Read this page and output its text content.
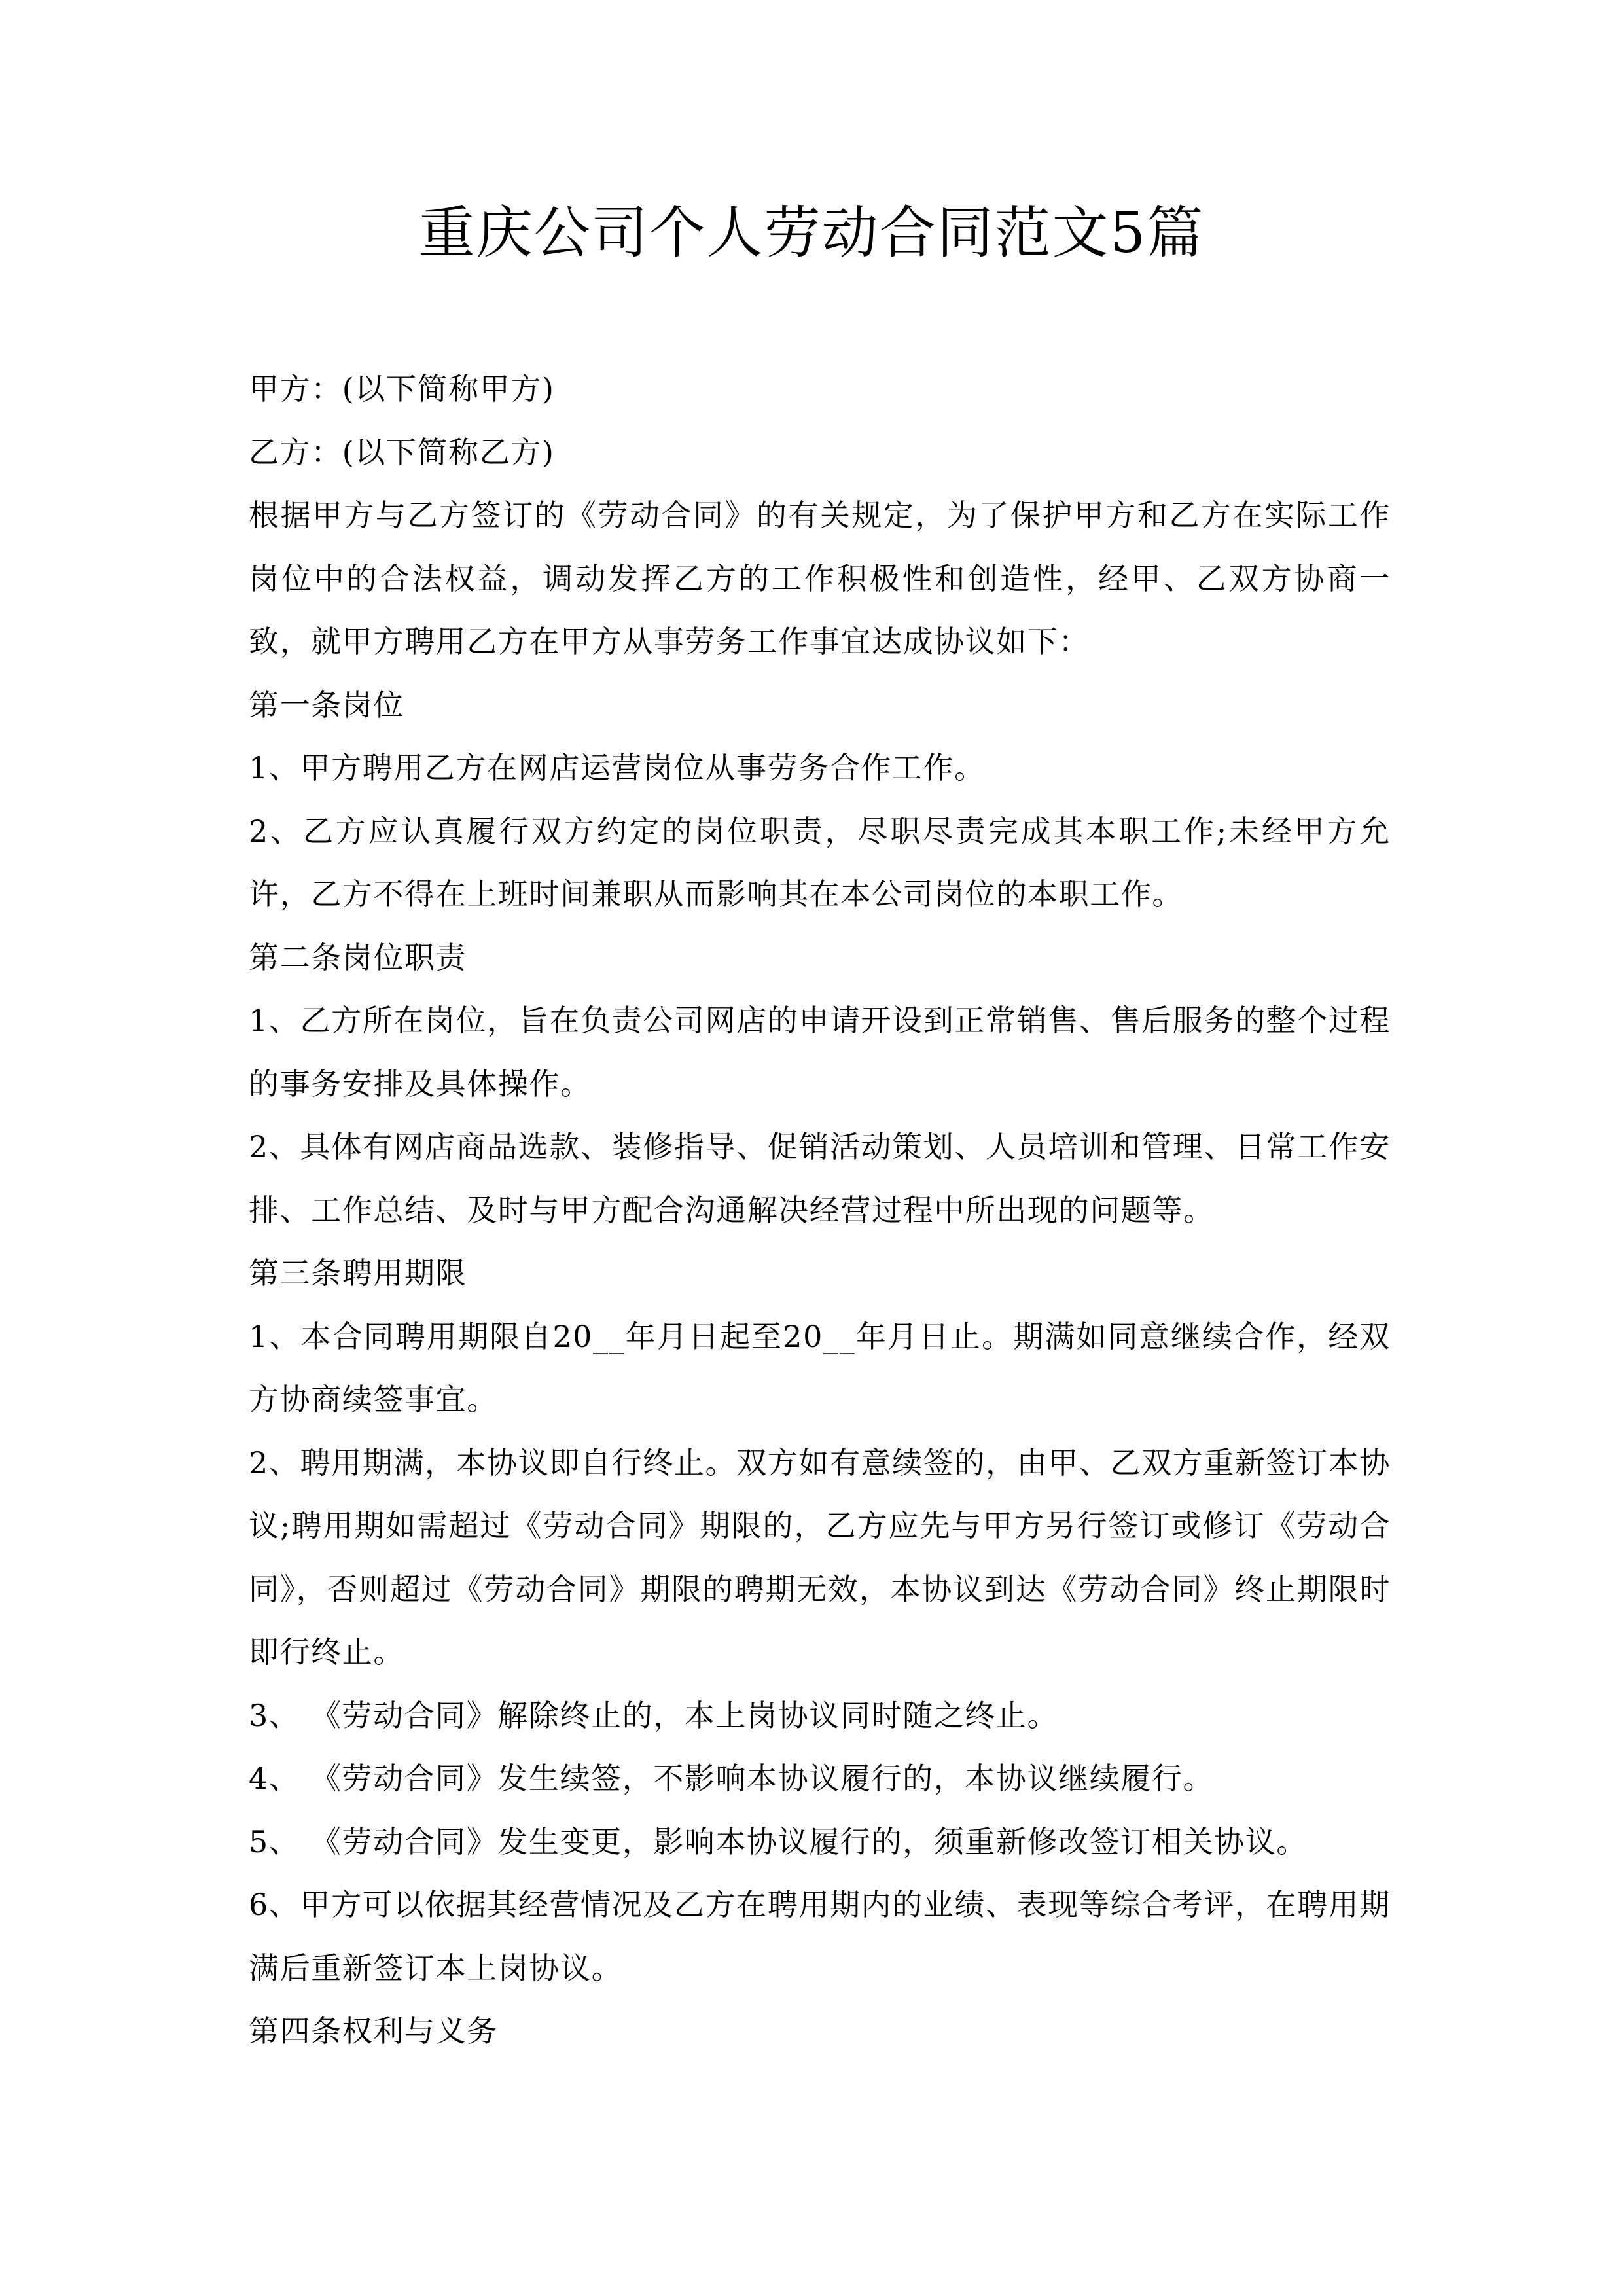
重庆公司个人劳动合同范文5篇

甲方：(以下简称甲方)

乙方：(以下简称乙方)

根据甲方与乙方签订的《劳动合同》的有关规定，为了保护甲方和乙方在实际工作岗位中的合法权益，调动发挥乙方的工作积极性和创造性，经甲、乙双方协商一致，就甲方聘用乙方在甲方从事劳务工作事宜达成协议如下：

第一条岗位

1、甲方聘用乙方在网店运营岗位从事劳务合作工作。

2、乙方应认真履行双方约定的岗位职责，尽职尽责完成其本职工作;未经甲方允许，乙方不得在上班时间兼职从而影响其在本公司岗位的本职工作。

第二条岗位职责

1、乙方所在岗位，旨在负责公司网店的申请开设到正常销售、售后服务的整个过程的事务安排及具体操作。

2、具体有网店商品选款、装修指导、促销活动策划、人员培训和管理、日常工作安排、工作总结、及时与甲方配合沟通解决经营过程中所出现的问题等。

第三条聘用期限

1、本合同聘用期限自20__年月日起至20__年月日止。期满如同意继续合作，经双方协商续签事宜。

2、聘用期满，本协议即自行终止。双方如有意续签的，由甲、乙双方重新签订本协议;聘用期如需超过《劳动合同》期限的，乙方应先与甲方另行签订或修订《劳动合同》，否则超过《劳动合同》期限的聘期无效，本协议到达《劳动合同》终止期限时即行终止。

3、 《劳动合同》解除终止的，本上岗协议同时随之终止。

4、 《劳动合同》发生续签，不影响本协议履行的，本协议继续履行。

5、 《劳动合同》发生变更，影响本协议履行的，须重新修改签订相关协议。

6、甲方可以依据其经营情况及乙方在聘用期内的业绩、表现等综合考评，在聘用期满后重新签订本上岗协议。

第四条权利与义务
